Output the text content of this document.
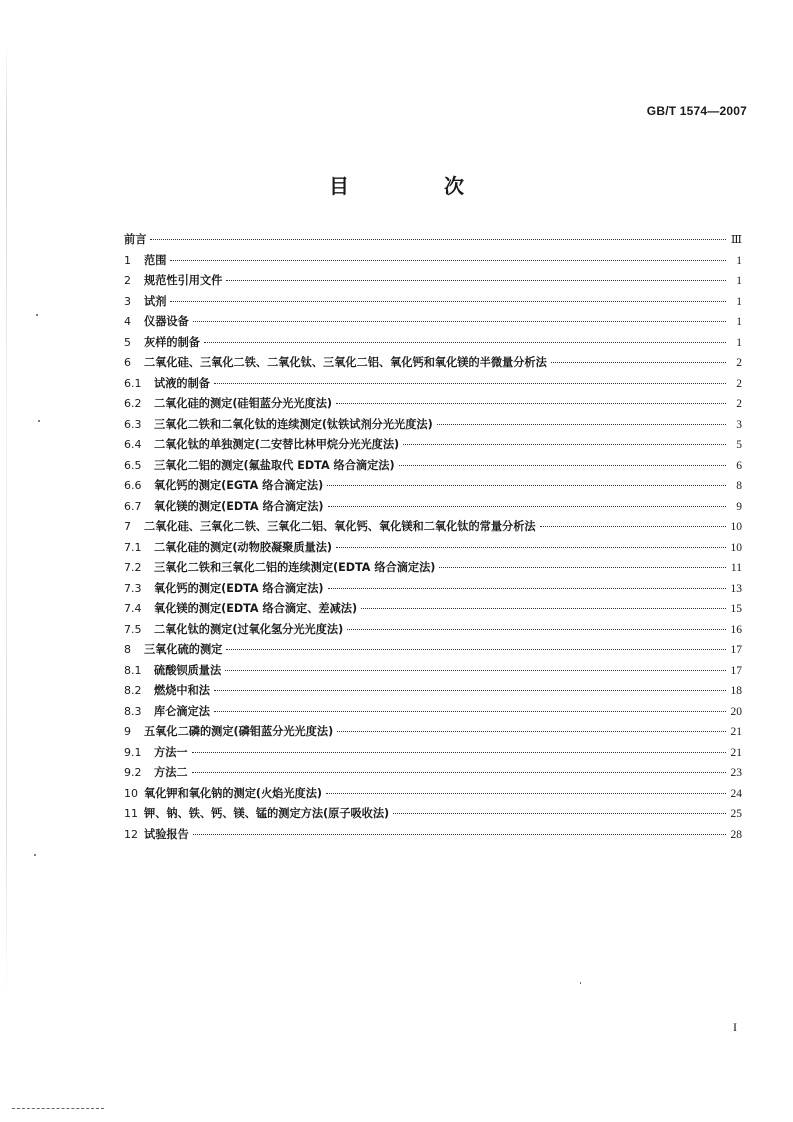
GB/T 1574—2007
目 次
前言	Ⅲ
1	范围	1
2	规范性引用文件	1
3	试剂	1
4	仪器设备	1
5	灰样的制备	1
6	二氧化硅、三氧化二铁、二氧化钛、三氧化二铝、氧化钙和氧化镁的半微量分析法	2
6.1	试液的制备	2
6.2	二氧化硅的测定(硅钼蓝分光光度法)	2
6.3	三氧化二铁和二氧化钛的连续测定(钛铁试剂分光光度法)	3
6.4	二氧化钛的单独测定(二安替比林甲烷分光光度法)	5
6.5	三氧化二铝的测定(氟盐取代 EDTA 络合滴定法)	6
6.6	氧化钙的测定(EGTA 络合滴定法)	8
6.7	氧化镁的测定(EDTA 络合滴定法)	9
7	二氧化硅、三氧化二铁、三氧化二铝、氧化钙、氧化镁和二氧化钛的常量分析法	10
7.1	二氧化硅的测定(动物胶凝聚质量法)	10
7.2	三氧化二铁和三氧化二铝的连续测定(EDTA 络合滴定法)	11
7.3	氧化钙的测定(EDTA 络合滴定法)	13
7.4	氧化镁的测定(EDTA 络合滴定、差减法)	15
7.5	二氧化钛的测定(过氧化氢分光光度法)	16
8	三氧化硫的测定	17
8.1	硫酸钡质量法	17
8.2	燃烧中和法	18
8.3	库仑滴定法	20
9	五氧化二磷的测定(磷钼蓝分光光度法)	21
9.1	方法一	21
9.2	方法二	23
10 氧化钾和氧化钠的测定(火焰光度法)	24
11 钾、钠、铁、钙、镁、锰的测定方法(原子吸收法)	25
12 试验报告	28
I
